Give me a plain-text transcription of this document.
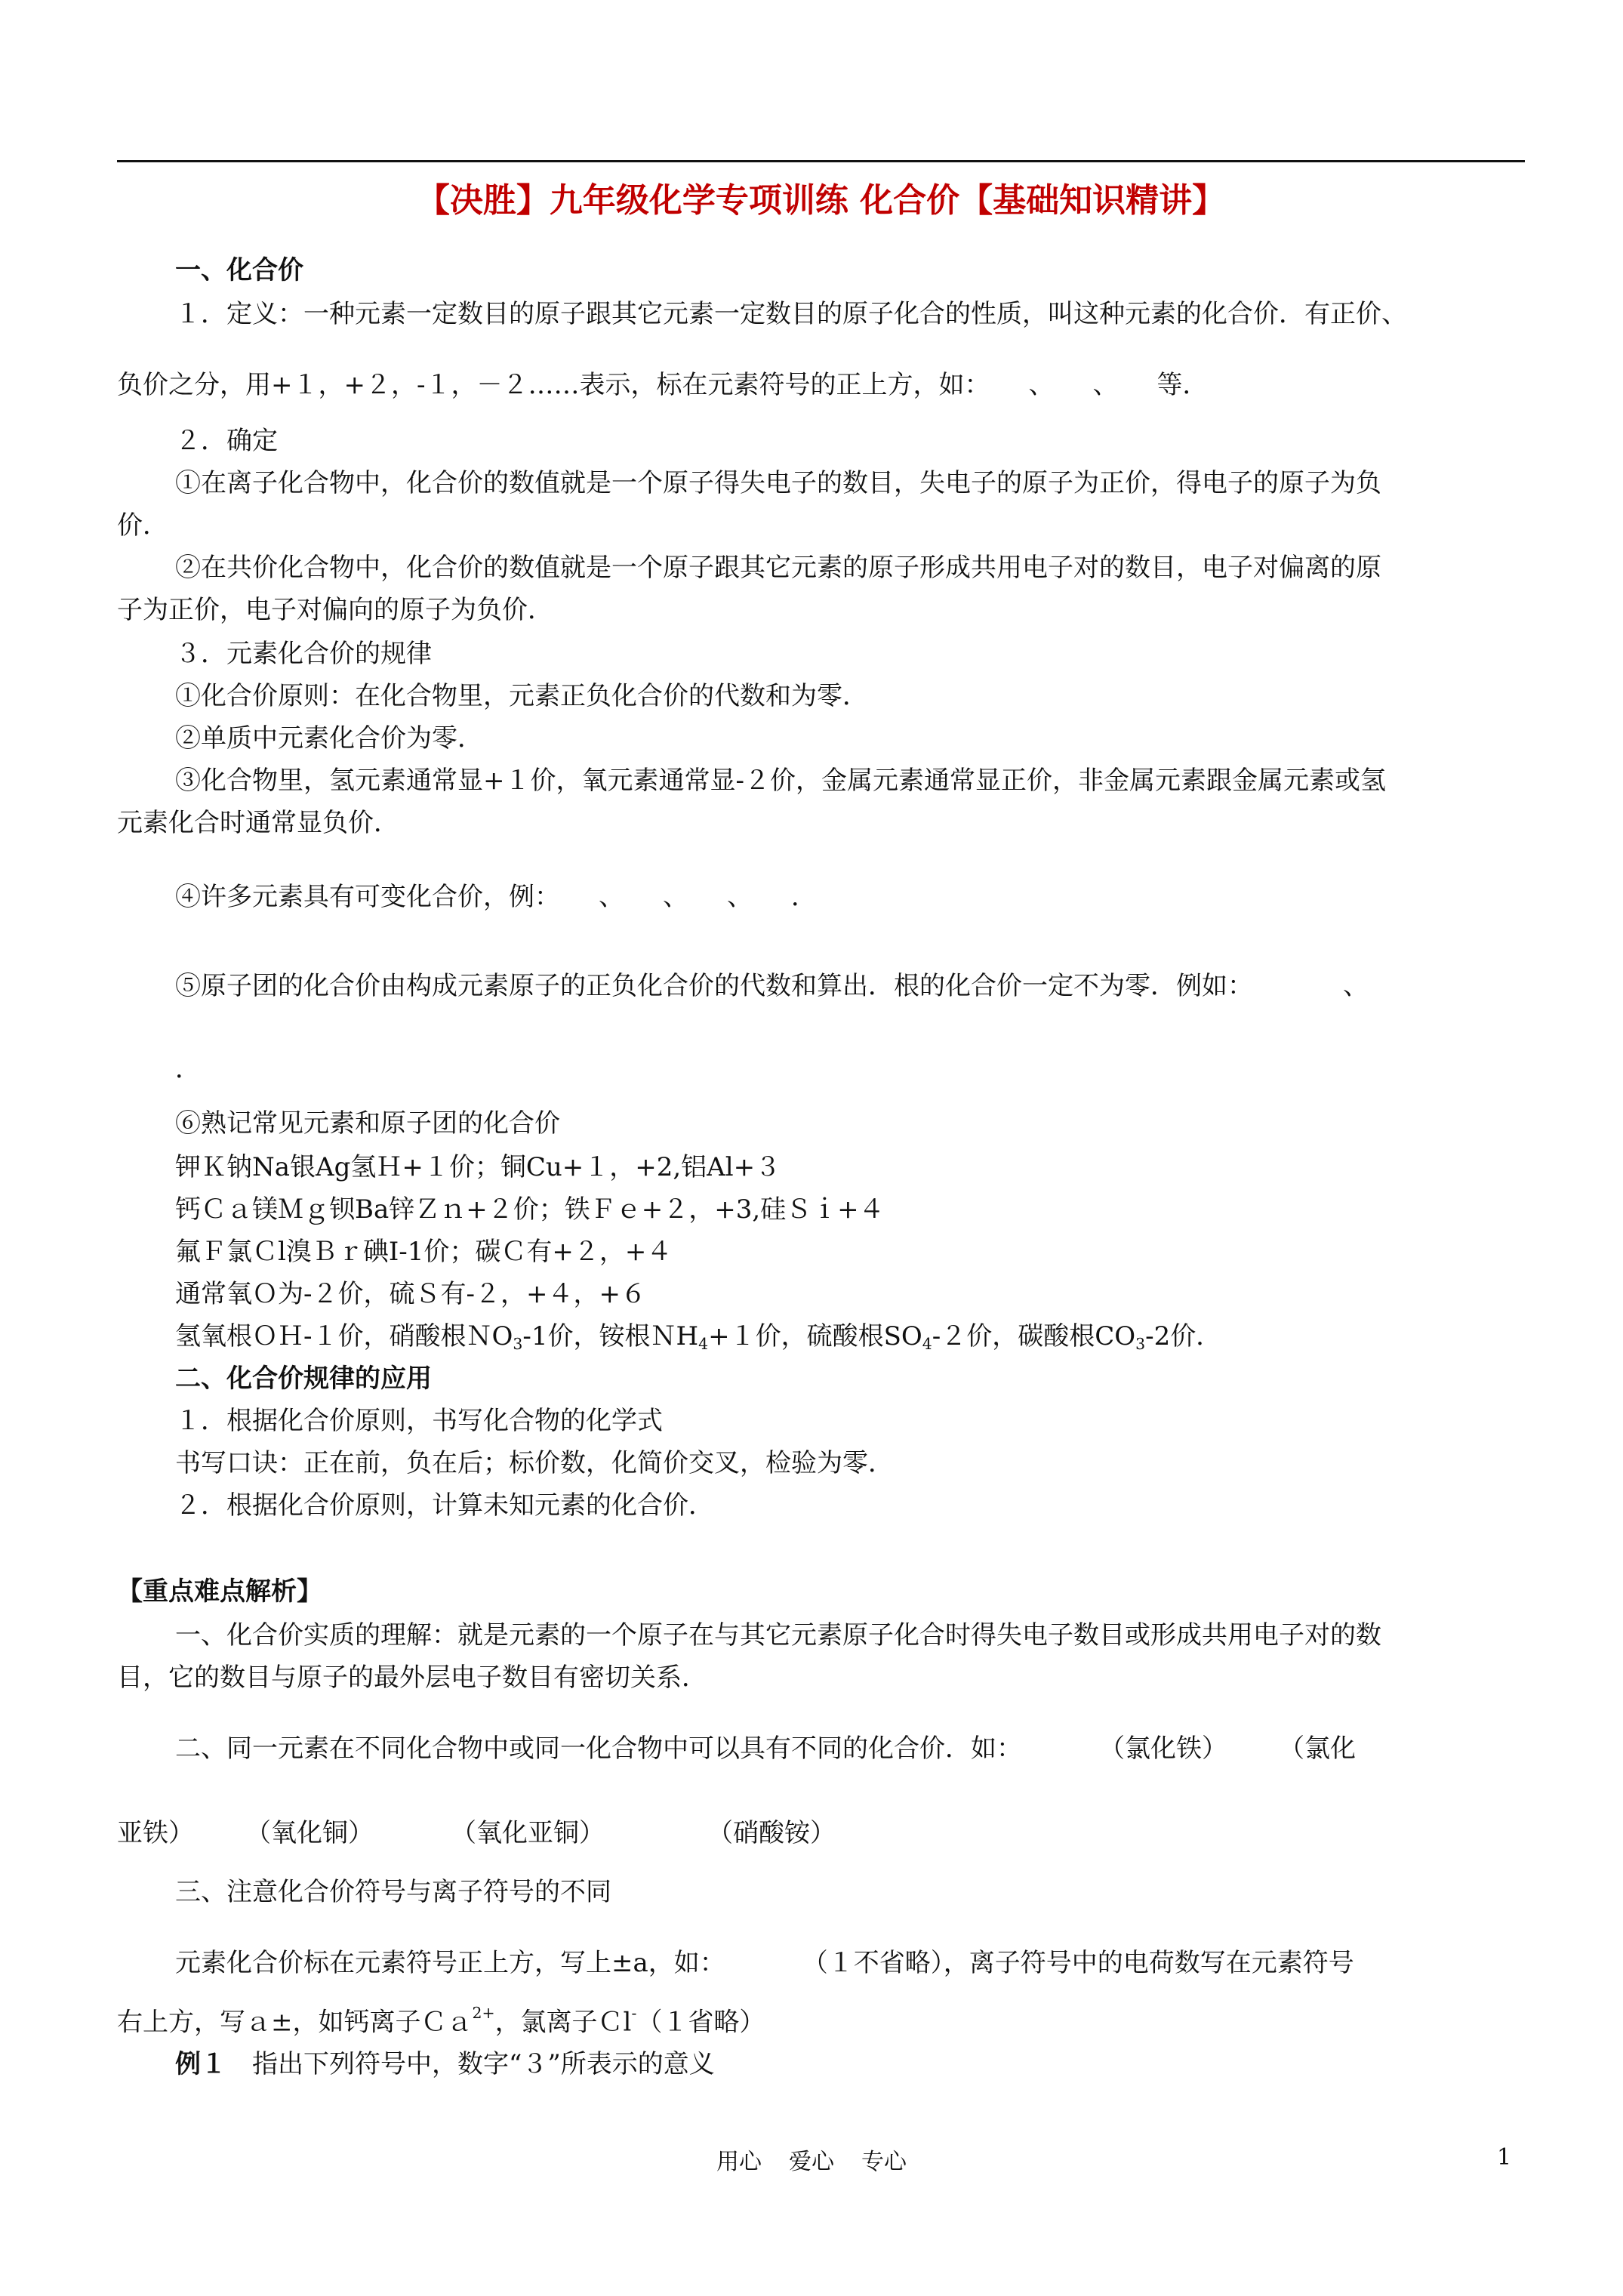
【决胜】九年级化学专项训练 化合价【基础知识精讲】
一、化合价
１．定义：一种元素一定数目的原子跟其它元素一定数目的原子化合的性质，叫这种元素的化合价．有正价、
负价之分，用+１，+２，-１，－２……表示，标在元素符号的正上方，如：　　、　　、　　等．
２．确定
①在离子化合物中，化合价的数值就是一个原子得失电子的数目，失电子的原子为正价，得电子的原子为负
价．
②在共价化合物中，化合价的数值就是一个原子跟其它元素的原子形成共用电子对的数目，电子对偏离的原
子为正价，电子对偏向的原子为负价．
３．元素化合价的规律
①化合价原则：在化合物里，元素正负化合价的代数和为零．
②单质中元素化合价为零．
③化合物里，氢元素通常显+１价，氧元素通常显-２价，金属元素通常显正价，非金属元素跟金属元素或氢
元素化合时通常显负价．
④许多元素具有可变化合价，例：　　、　　、　　、　　．
⑤原子团的化合价由构成元素原子的正负化合价的代数和算出．根的化合价一定不为零．例如：　　　　、
．
⑥熟记常见元素和原子团的化合价
钾Ｋ钠Na银Ag氢Ｈ+１价；铜Cu+１，+2,铝Al+３
钙Ｃａ镁Ｍｇ钡Ba锌Ｚｎ+２价；铁Ｆｅ+２，+3,硅Ｓｉ+４
氟Ｆ氯Ｃl溴Ｂｒ碘I-1价；碳Ｃ有+２，+４
通常氧Ｏ为-２价，硫Ｓ有-２，+４，+６
氢氧根ＯＨ-１价，硝酸根ＮO$_3$-1价，铵根ＮH$_4$+１价，硫酸根$SO_4-2$价，碳酸根$CO_3-2$价．
二、化合价规律的应用
１．根据化合价原则，书写化合物的化学式
书写口诀：正在前，负在后；标价数，化简价交叉，检验为零．
２．根据化合价原则，计算未知元素的化合价．
【重点难点解析】
一、化合价实质的理解：就是元素的一个原子在与其它元素原子化合时得失电子数目或形成共用电子对的数
目，它的数目与原子的最外层电子数目有密切关系．
二、同一元素在不同化合物中或同一化合物中可以具有不同的化合价．如：　　　　（氯化铁）　　　（氯化
亚铁）　　　（氧化铜）　　　　（氧化亚铜）　　　　　（硝酸铵）
三、注意化合价符号与离子符号的不同
元素化合价标在元素符号正上方，写上±a，如：　　　　（１不省略），离子符号中的电荷数写在元素符号
右上方，写ａ±，如钙离子Ｃａ$^{2+}$，氯离子Ｃl-（１省略）
例１　指出下列符号中，数字“３”所表示的意义
用心 爱心 专心	1
